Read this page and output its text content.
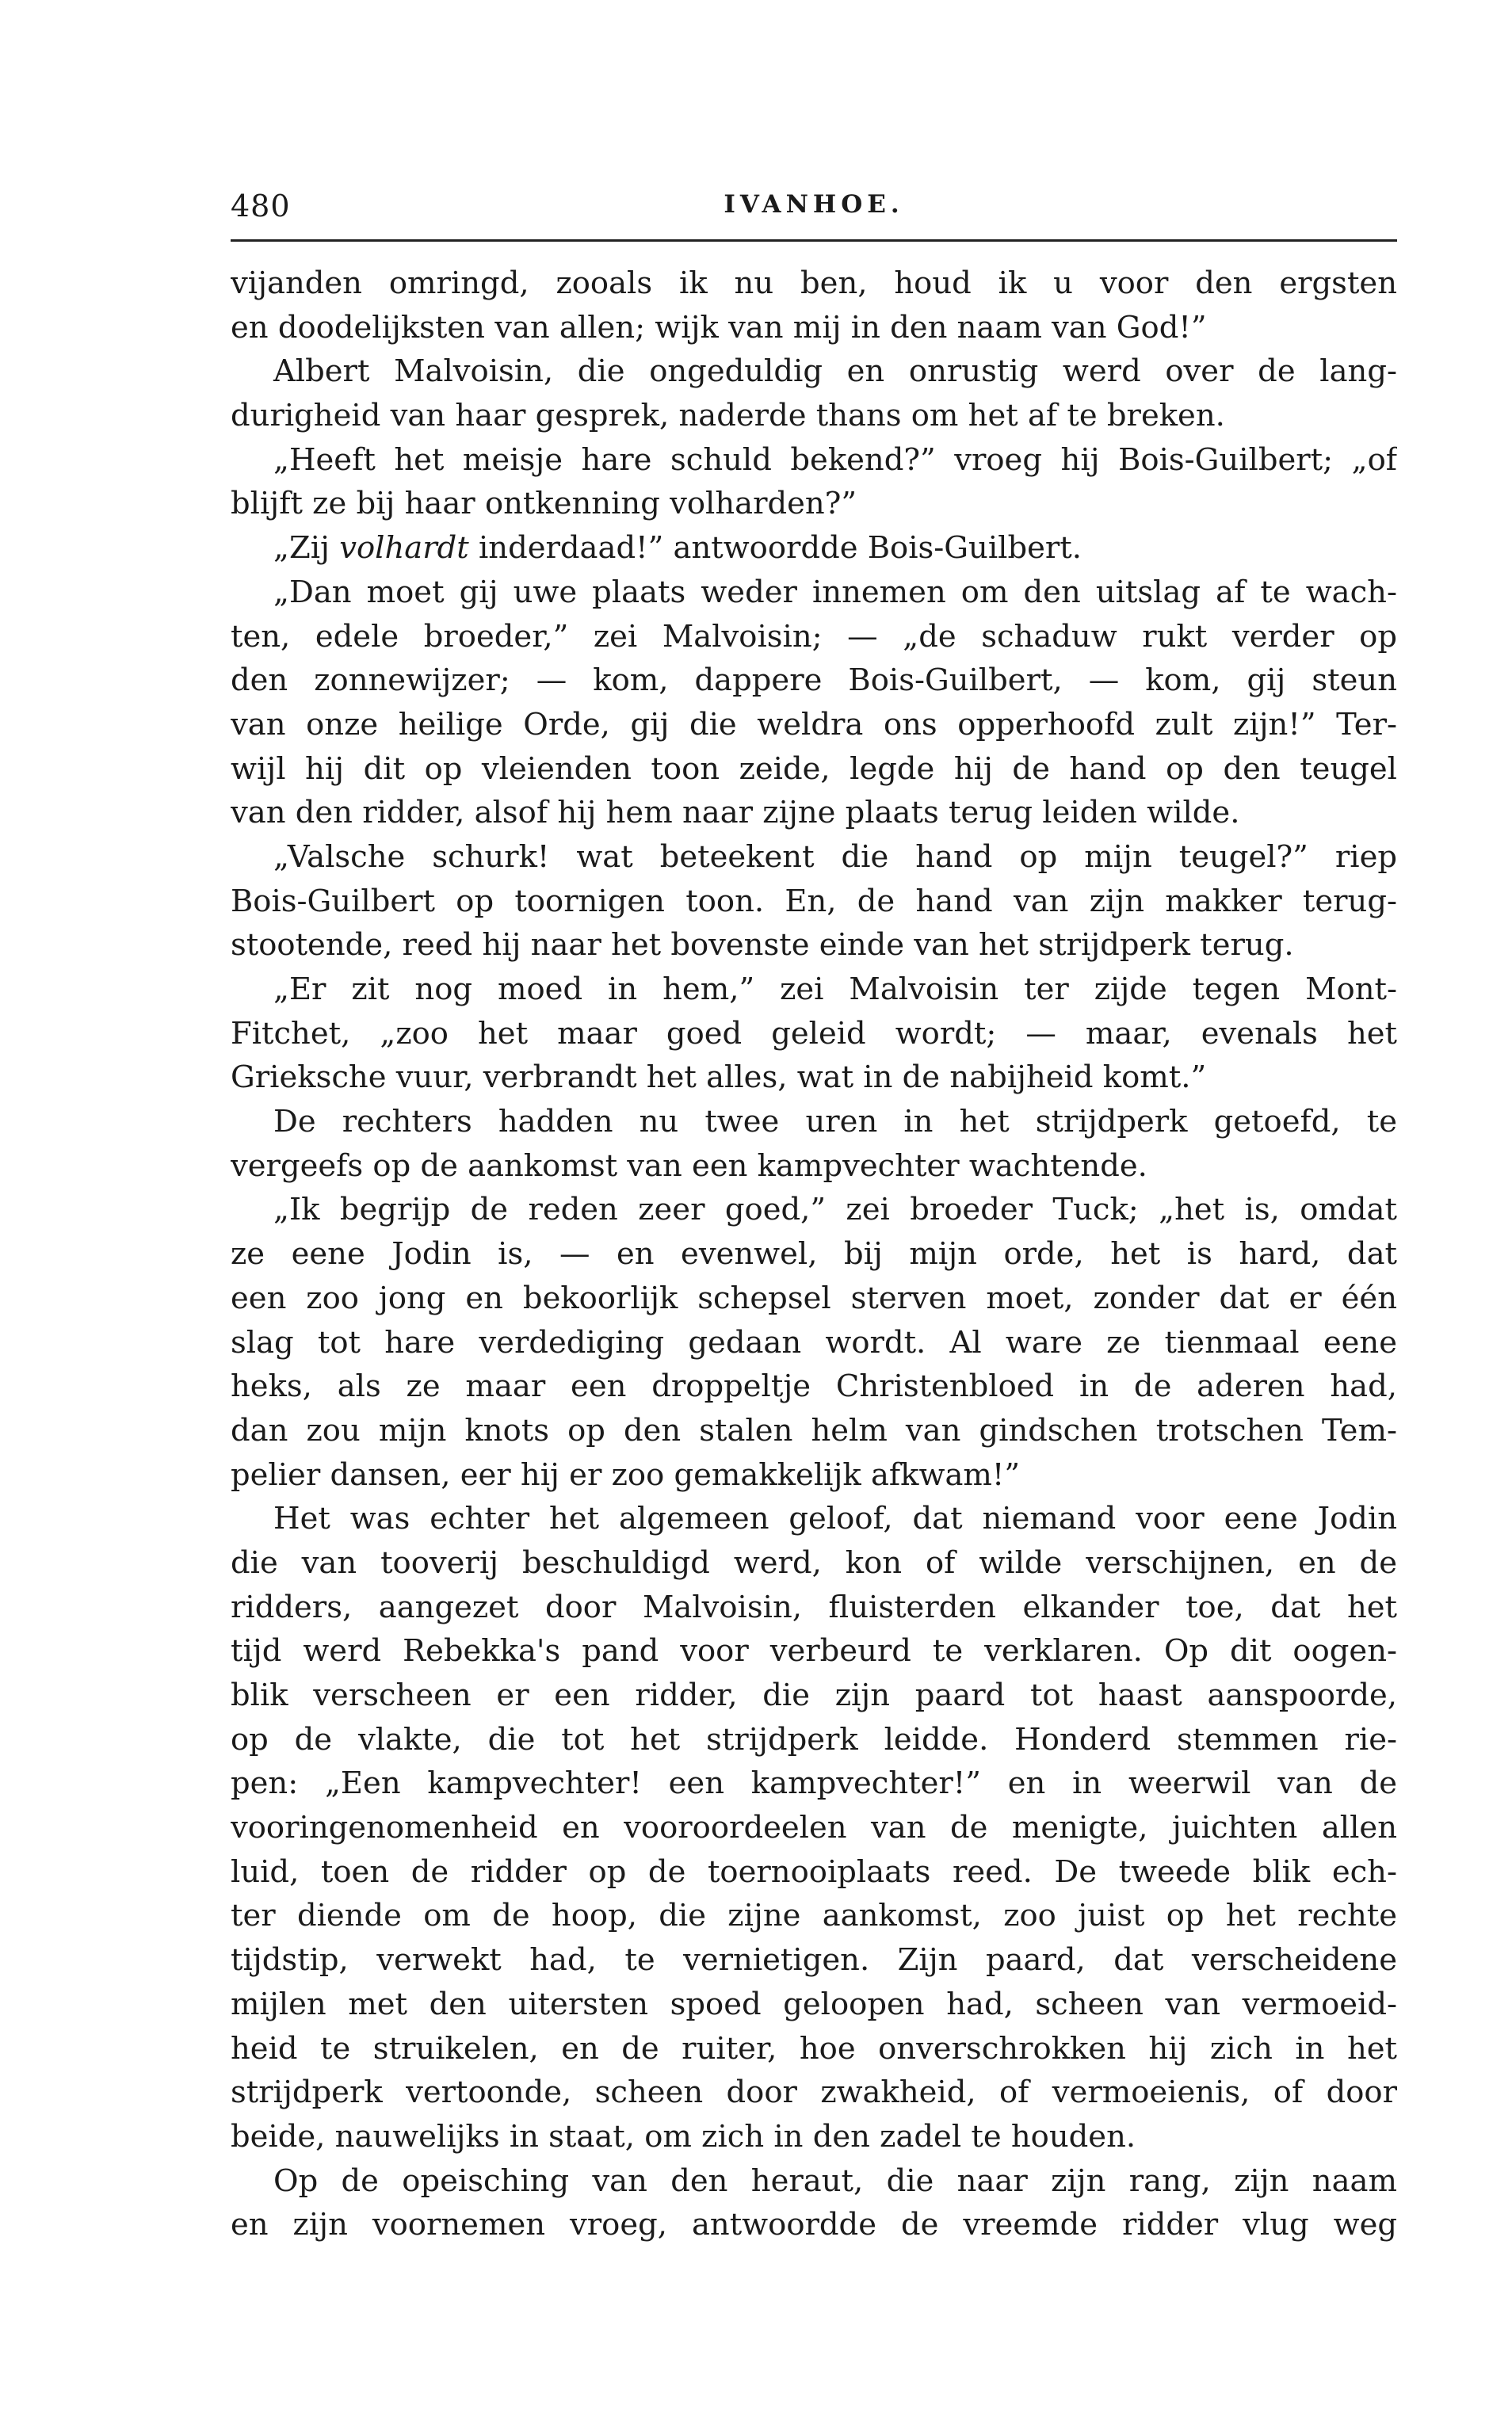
480	IVANHOE.
vijanden omringd, zooals ik nu ben, houd ik u voor den ergsten
en doodelijksten van allen; wijk van mij in den naam van God!”
Albert Malvoisin, die ongeduldig en onrustig werd over de lang-
durigheid van haar gesprek, naderde thans om het af te breken.
„Heeft het meisje hare schuld bekend?” vroeg hij Bois-Guilbert; „of
blijft ze bij haar ontkenning volharden?”
„Zij volhardt inderdaad!” antwoordde Bois-Guilbert.
„Dan moet gij uwe plaats weder innemen om den uitslag af te wach-
ten, edele broeder,” zei Malvoisin; — „de schaduw rukt verder op
den zonnewijzer; — kom, dappere Bois-Guilbert, — kom, gij steun
van onze heilige Orde, gij die weldra ons opperhoofd zult zijn!” Ter-
wijl hij dit op vleienden toon zeide, legde hij de hand op den teugel
van den ridder, alsof hij hem naar zijne plaats terug leiden wilde.
„Valsche schurk! wat beteekent die hand op mijn teugel?” riep
Bois-Guilbert op toornigen toon. En, de hand van zijn makker terug-
stootende, reed hij naar het bovenste einde van het strijdperk terug.
„Er zit nog moed in hem,” zei Malvoisin ter zijde tegen Mont-
Fitchet, „zoo het maar goed geleid wordt; — maar, evenals het
Grieksche vuur, verbrandt het alles, wat in de nabijheid komt.”
De rechters hadden nu twee uren in het strijdperk getoefd, te
vergeefs op de aankomst van een kampvechter wachtende.
„Ik begrijp de reden zeer goed,” zei broeder Tuck; „het is, omdat
ze eene Jodin is, — en evenwel, bij mijn orde, het is hard, dat
een zoo jong en bekoorlijk schepsel sterven moet, zonder dat er één
slag tot hare verdediging gedaan wordt. Al ware ze tienmaal eene
heks, als ze maar een droppeltje Christenbloed in de aderen had,
dan zou mijn knots op den stalen helm van gindschen trotschen Tem-
pelier dansen, eer hij er zoo gemakkelijk afkwam!”
Het was echter het algemeen geloof, dat niemand voor eene Jodin
die van tooverij beschuldigd werd, kon of wilde verschijnen, en de
ridders, aangezet door Malvoisin, fluisterden elkander toe, dat het
tijd werd Rebekka's pand voor verbeurd te verklaren. Op dit oogen-
blik verscheen er een ridder, die zijn paard tot haast aanspoorde,
op de vlakte, die tot het strijdperk leidde. Honderd stemmen rie-
pen: „Een kampvechter! een kampvechter!” en in weerwil van de
vooringenomenheid en vooroordeelen van de menigte, juichten allen
luid, toen de ridder op de toernooiplaats reed. De tweede blik ech-
ter diende om de hoop, die zijne aankomst, zoo juist op het rechte
tijdstip, verwekt had, te vernietigen. Zijn paard, dat verscheidene
mijlen met den uitersten spoed geloopen had, scheen van vermoeid-
heid te struikelen, en de ruiter, hoe onverschrokken hij zich in het
strijdperk vertoonde, scheen door zwakheid, of vermoeienis, of door
beide, nauwelijks in staat, om zich in den zadel te houden.
Op de opeisching van den heraut, die naar zijn rang, zijn naam
en zijn voornemen vroeg, antwoordde de vreemde ridder vlug weg
